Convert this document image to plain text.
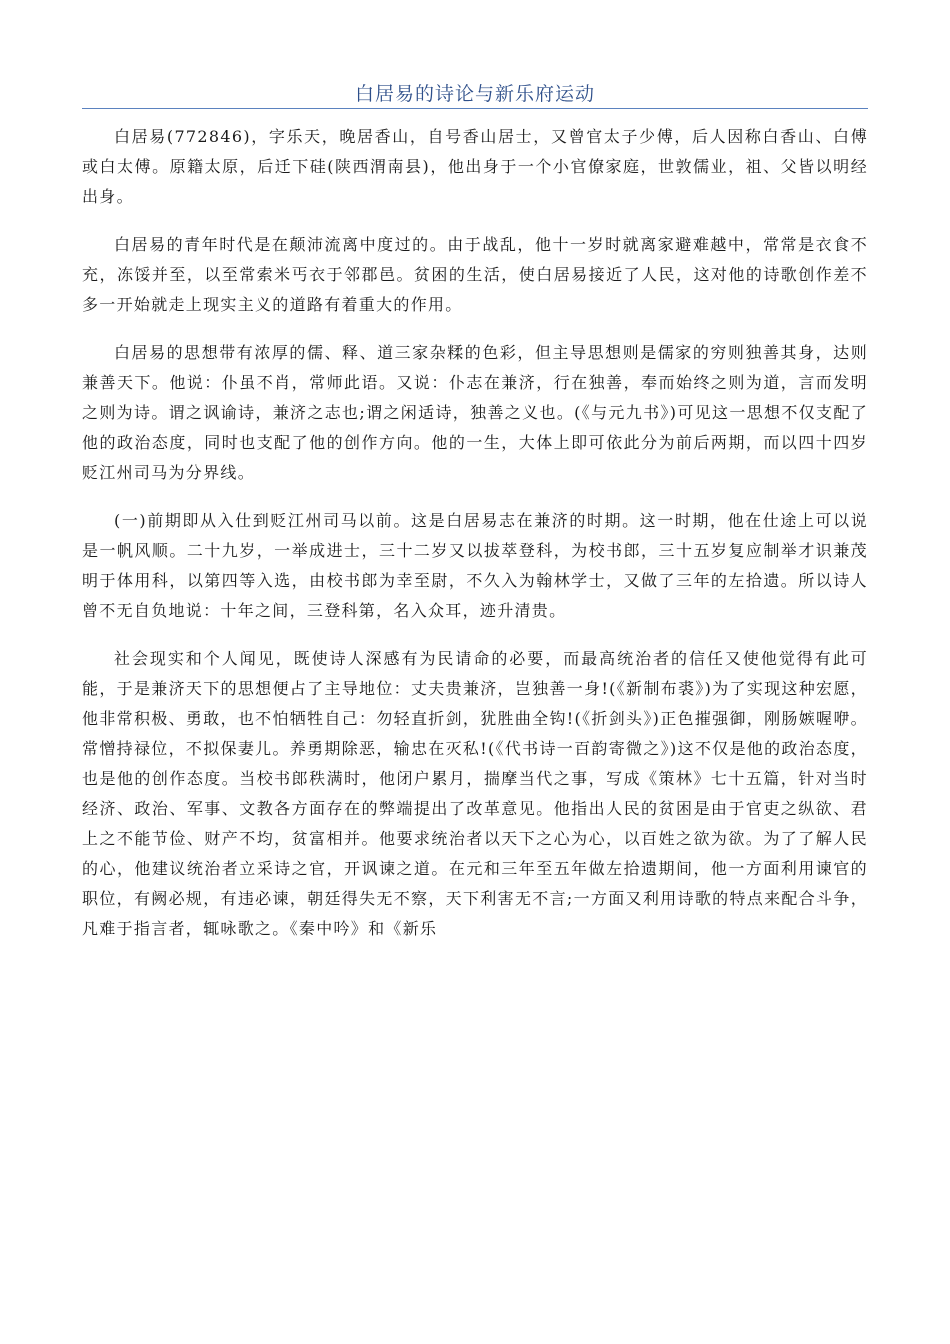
白居易的诗论与新乐府运动

白居易(772846)，字乐天，晚居香山，自号香山居士，又曾官太子少傅，后人因称白香山、白傅或白太傅。原籍太原，后迁下硅(陕西渭南县)，他出身于一个小官僚家庭，世敦儒业，祖、父皆以明经出身。

白居易的青年时代是在颠沛流离中度过的。由于战乱，他十一岁时就离家避难越中，常常是衣食不充，冻馁并至，以至常索米丐衣于邻郡邑。贫困的生活，使白居易接近了人民，这对他的诗歌创作差不多一开始就走上现实主义的道路有着重大的作用。

白居易的思想带有浓厚的儒、释、道三家杂糅的色彩，但主导思想则是儒家的穷则独善其身，达则兼善天下。他说：仆虽不肖，常师此语。又说：仆志在兼济，行在独善，奉而始终之则为道，言而发明之则为诗。谓之讽谕诗，兼济之志也;谓之闲适诗，独善之义也。(《与元九书》)可见这一思想不仅支配了他的政治态度，同时也支配了他的创作方向。他的一生，大体上即可依此分为前后两期，而以四十四岁贬江州司马为分界线。

(一)前期即从入仕到贬江州司马以前。这是白居易志在兼济的时期。这一时期，他在仕途上可以说是一帆风顺。二十九岁，一举成进士，三十二岁又以拔萃登科，为校书郎，三十五岁复应制举才识兼茂明于体用科，以第四等入选，由校书郎为幸至尉，不久入为翰林学士，又做了三年的左拾遗。所以诗人曾不无自负地说：十年之间，三登科第，名入众耳，迹升清贵。

社会现实和个人闻见，既使诗人深感有为民请命的必要，而最高统治者的信任又使他觉得有此可能，于是兼济天下的思想便占了主导地位：丈夫贵兼济，岂独善一身!(《新制布裘》)为了实现这种宏愿，他非常积极、勇敢，也不怕牺牲自己：勿轻直折剑，犹胜曲全钩!(《折剑头》)正色摧强御，刚肠嫉喔咿。常憎持禄位，不拟保妻儿。养勇期除恶，输忠在灭私!(《代书诗一百韵寄微之》)这不仅是他的政治态度，也是他的创作态度。当校书郎秩满时，他闭户累月，揣摩当代之事，写成《策林》七十五篇，针对当时经济、政治、军事、文教各方面存在的弊端提出了改革意见。他指出人民的贫困是由于官吏之纵欲、君上之不能节俭、财产不均，贫富相并。他要求统治者以天下之心为心，以百姓之欲为欲。为了了解人民的心，他建议统治者立采诗之官，开讽谏之道。在元和三年至五年做左拾遗期间，他一方面利用谏官的职位，有阙必规，有违必谏，朝廷得失无不察，天下利害无不言;一方面又利用诗歌的特点来配合斗争，凡难于指言者，辄咏歌之。《秦中吟》和《新乐
